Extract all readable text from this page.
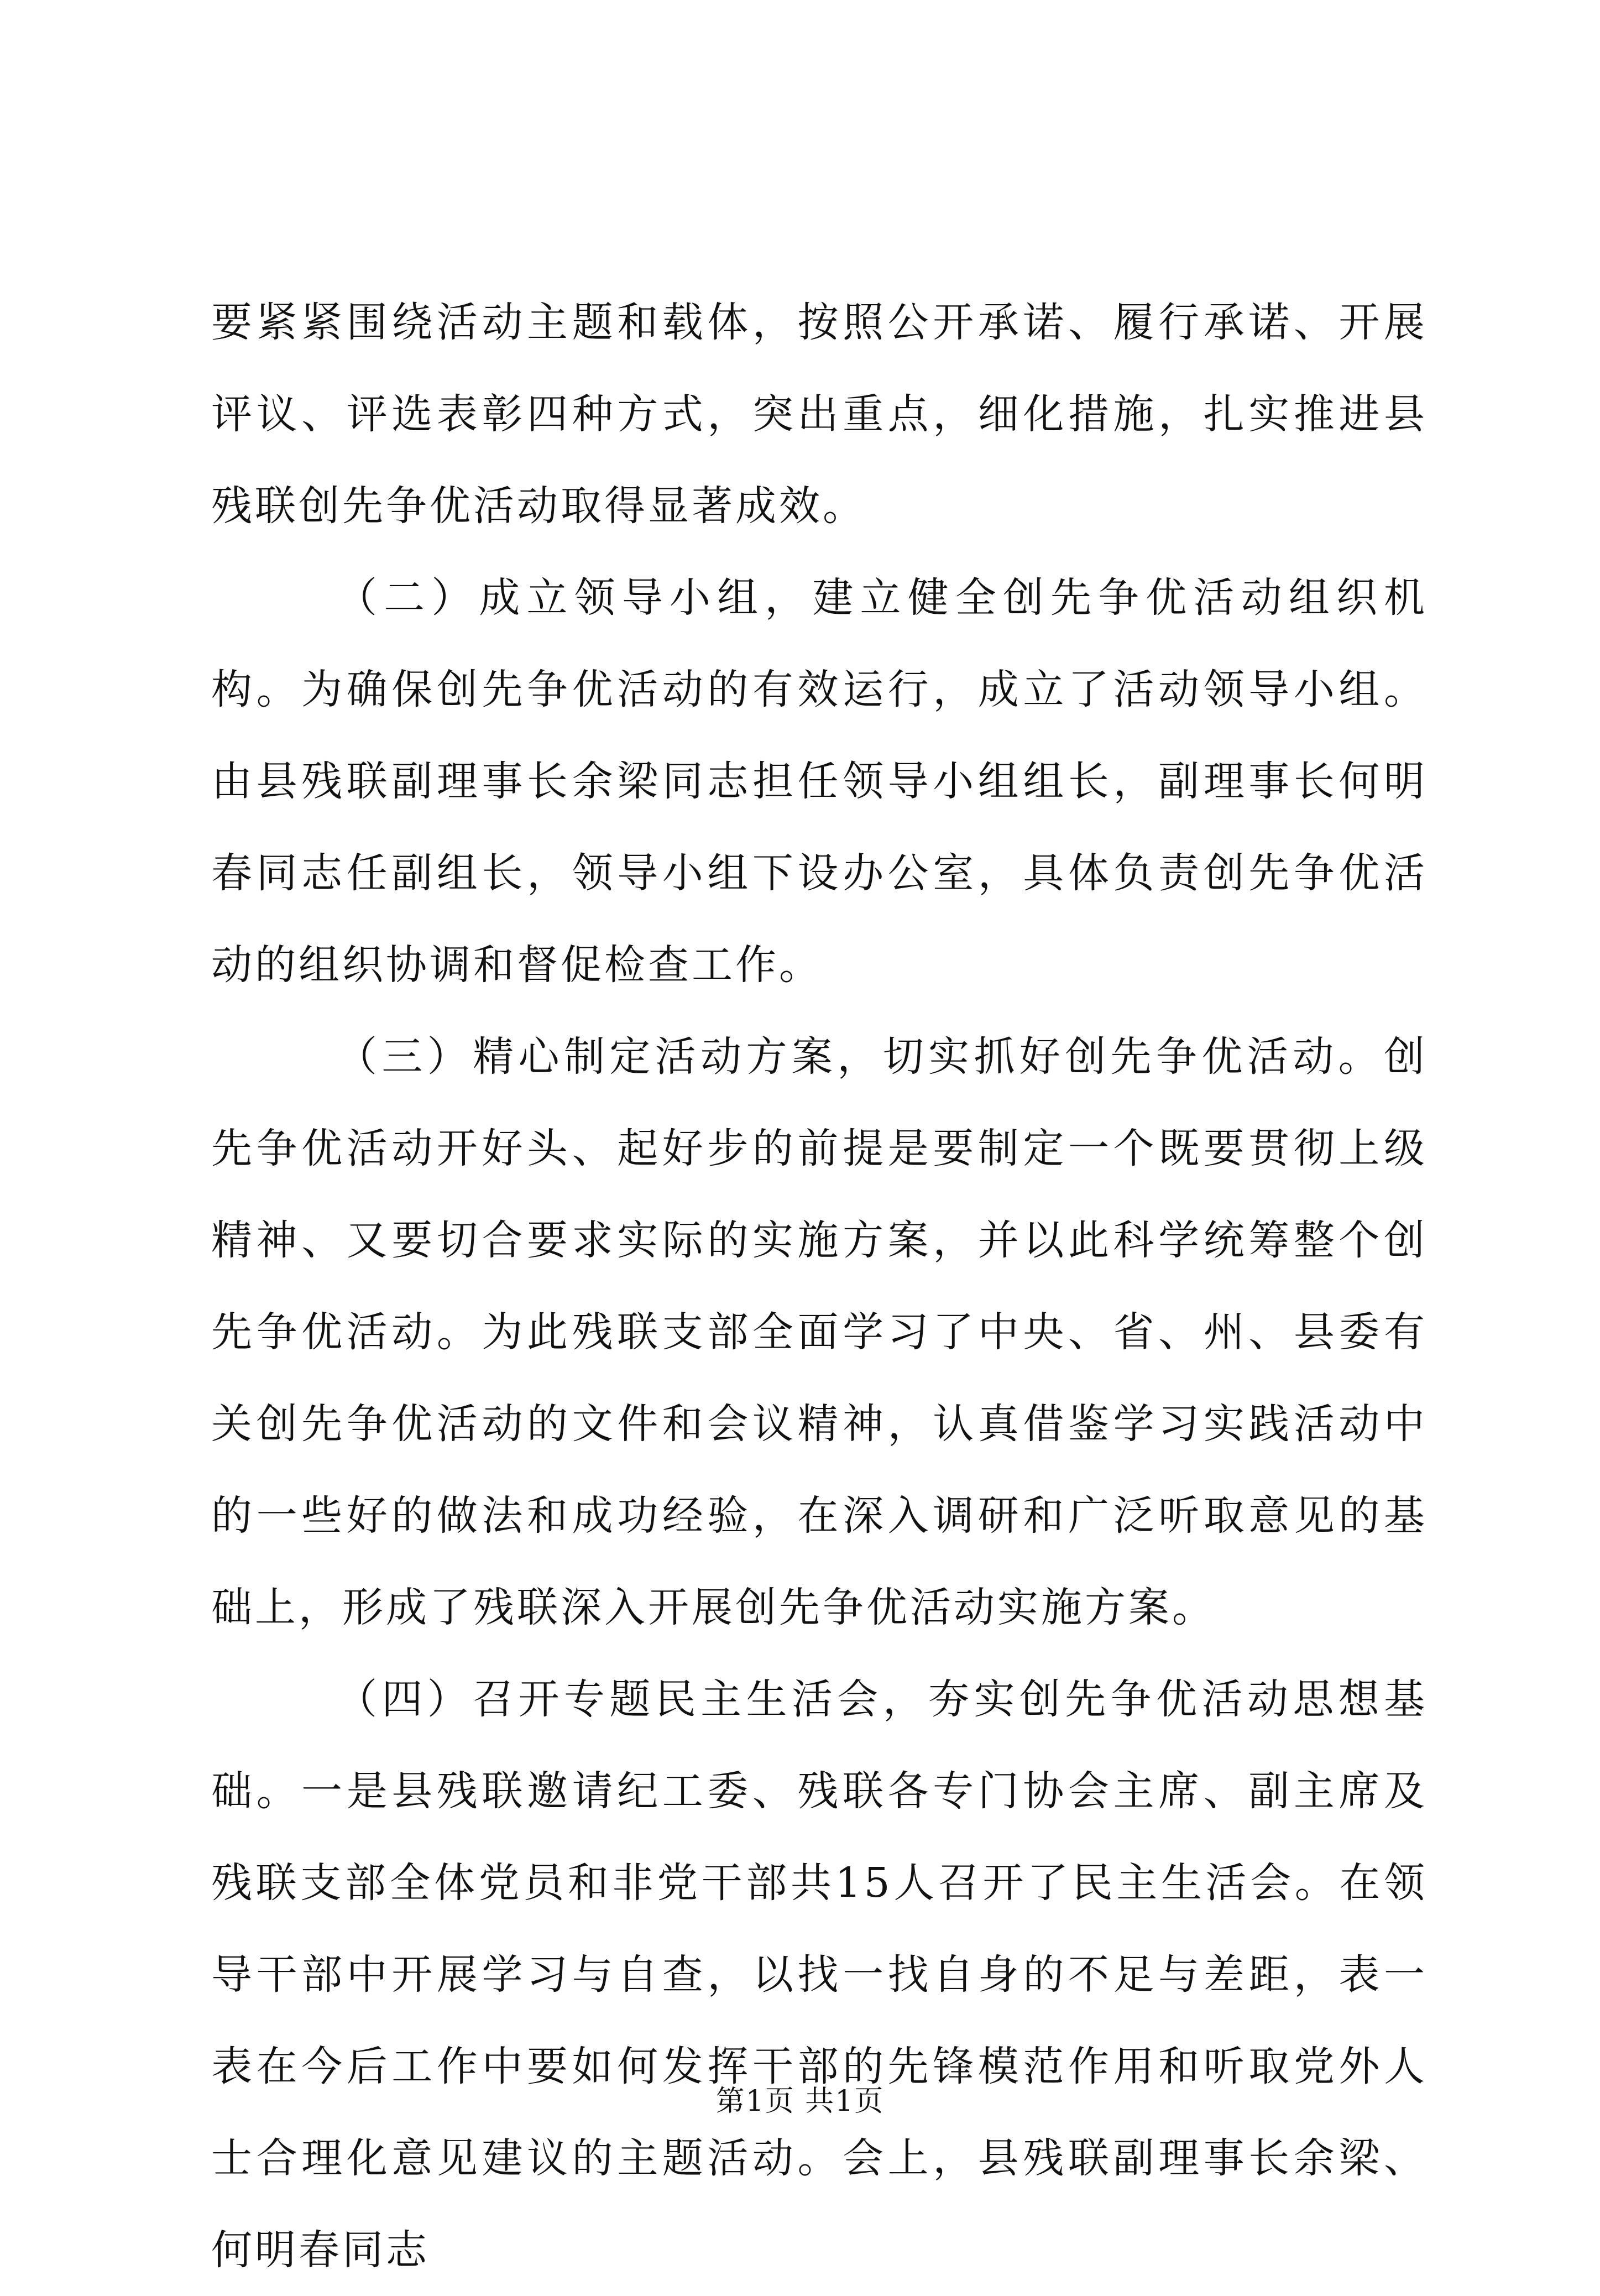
要紧紧围绕活动主题和载体，按照公开承诺、履行承诺、开展评议、评选表彰四种方式，突出重点，细化措施，扎实推进县残联创先争优活动取得显著成效。

（二）成立领导小组，建立健全创先争优活动组织机构。为确保创先争优活动的有效运行，成立了活动领导小组。由县残联副理事长余梁同志担任领导小组组长，副理事长何明春同志任副组长，领导小组下设办公室，具体负责创先争优活动的组织协调和督促检查工作。

（三）精心制定活动方案，切实抓好创先争优活动。创先争优活动开好头、起好步的前提是要制定一个既要贯彻上级精神、又要切合要求实际的实施方案，并以此科学统筹整个创先争优活动。为此残联支部全面学习了中央、省、州、县委有关创先争优活动的文件和会议精神，认真借鉴学习实践活动中的一些好的做法和成功经验，在深入调研和广泛听取意见的基础上，形成了残联深入开展创先争优活动实施方案。

（四）召开专题民主生活会，夯实创先争优活动思想基础。一是县残联邀请纪工委、残联各专门协会主席、副主席及残联支部全体党员和非党干部共15人召开了民主生活会。在领导干部中开展学习与自查，以找一找自身的不足与差距，表一表在今后工作中要如何发挥干部的先锋模范作用和听取党外人士合理化意见建议的主题活动。会上，县残联副理事长余梁、何明春同志

第1页 共1页
